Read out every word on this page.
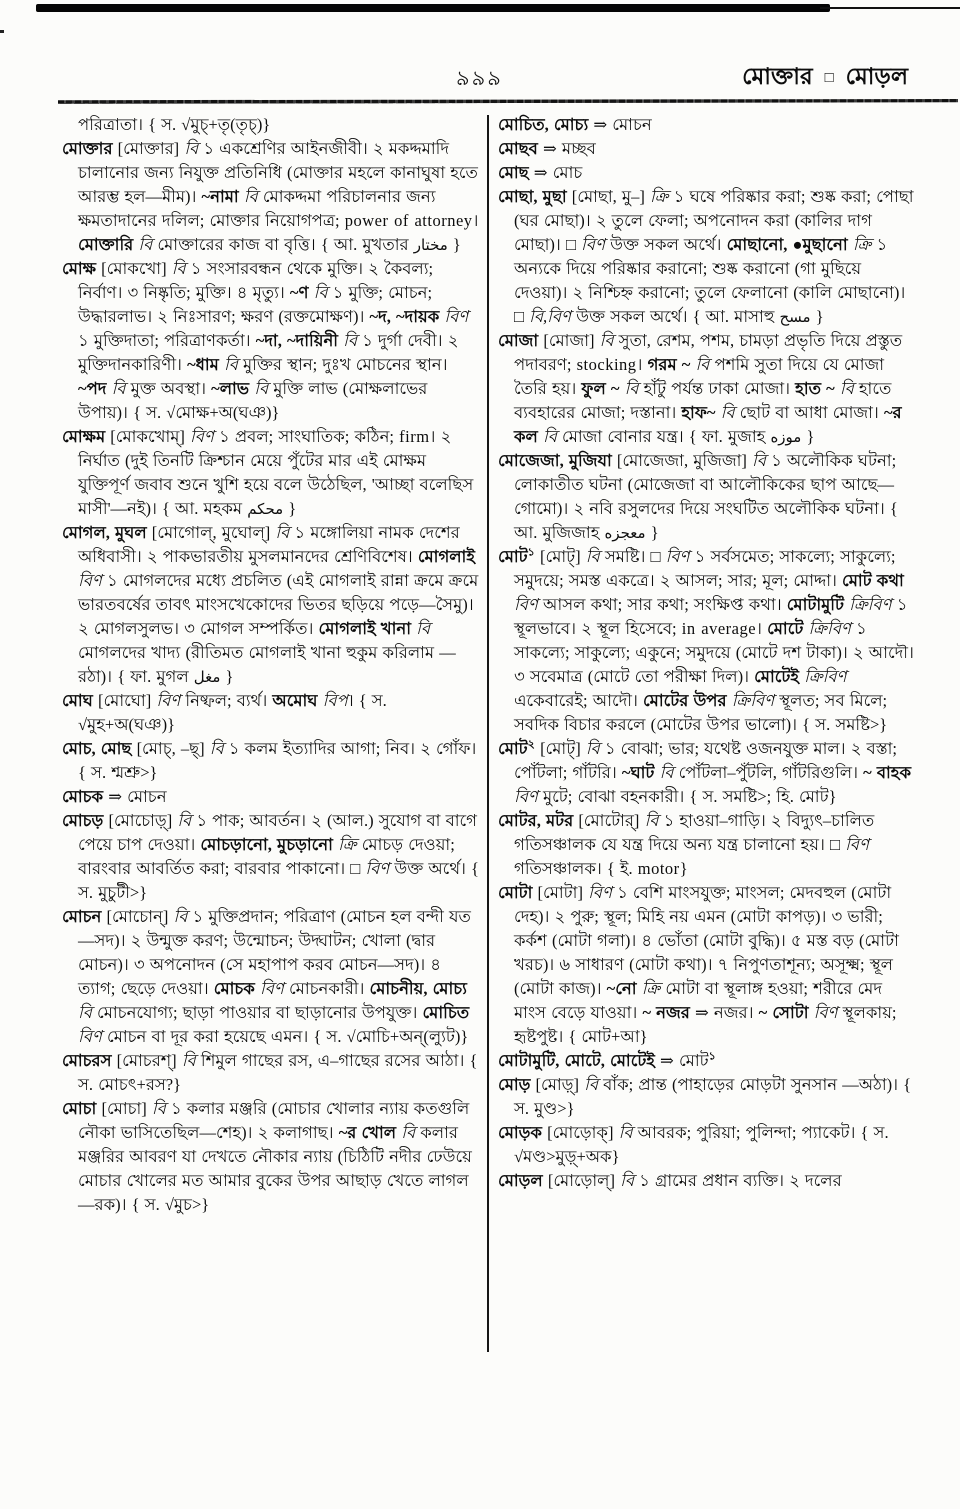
৯৯৯	মোক্তার □ মোড়ল

পরিত্রাতা। { স. √মুচ্+তৃ(তৃচ্)}

মোক্তার [মোক্তার] বি ১ একশ্রেণির আইনজীবী। ২ মকদ্দমাদি চালানোর জন্য নিযুক্ত প্রতিনিধি (মোক্তার মহলে কানাঘুষা হতে আরম্ভ হল—মীম)। ~নামা বি মোকদ্দমা পরিচালনার জন্য ক্ষমতাদানের দলিল; মোক্তার নিয়োগপত্র; power of attorney। মোক্তারি বি মোক্তারের কাজ বা বৃত্তি। { আ. মুখতার مختار }

মোক্ষ [মোকখো] বি ১ সংসারবন্ধন থেকে মুক্তি। ২ কৈবল্য; নির্বাণ। ৩ নিষ্কৃতি; মুক্তি। ৪ মৃত্যু। ~ণ বি ১ মুক্তি; মোচন; উদ্ধারলাভ। ২ নিঃসারণ; ক্ষরণ (রক্তমোক্ষণ)। ~দ, ~দায়ক বিণ ১ মুক্তিদাতা; পরিত্রাণকর্তা। ~দা, ~দায়িনী বি ১ দুর্গা দেবী। ২ মুক্তিদানকারিণী। ~ধাম বি মুক্তির স্থান; দুঃখ মোচনের স্থান। ~পদ বি মুক্ত অবস্থা। ~লাভ বি মুক্তি লাভ (মোক্ষলাভের উপায়)। { স. √মোক্ষ+অ(ঘঞ)}

মোক্ষম [মোকখোম্] বিণ ১ প্রবল; সাংঘাতিক; কঠিন; firm। ২ নির্ঘাত (দুই তিনটি ক্রিশ্চান মেয়ে পুঁটের মার এই মোক্ষম যুক্তিপূর্ণ জবাব শুনে খুশি হয়ে বলে উঠেছিল, 'আচ্ছা বলেছিস মাসী'—নই)। { আ. মহকম محكم }

মোগল, মুঘল [মোগোল্, মুঘোল্] বি ১ মঙ্গোলিয়া নামক দেশের অধিবাসী। ২ পাকভারতীয় মুসলমানদের শ্রেণিবিশেষ। মোগলাই বিণ ১ মোগলদের মধ্যে প্রচলিত (এই মোগলাই রান্না ক্রমে ক্রমে ভারতবর্ষের তাবৎ মাংসখেকোদের ভিতর ছড়িয়ে পড়ে—সৈমু)। ২ মোগলসুলভ। ৩ মোগল সম্পর্কিত। মোগলাই খানা বি মোগলদের খাদ্য (রীতিমত মোগলাই খানা হুকুম করিলাম —রঠা)। { ফা. মুগল مغل }

মোঘ [মোঘো] বিণ নিষ্ফল; ব্যর্থ। অমোঘ বিপ। { স. √মুহ+অ(ঘঞ)}

মোচ, মোছ [মোচ্, –ছ্] বি ১ কলম ইত্যাদির আগা; নিব। ২ গোঁফ। { স. শ্মশ্রু>}

মোচক ⇒ মোচন

মোচড় [মোচোড়্] বি ১ পাক; আবর্তন। ২ (আল.) সুযোগ বা বাগে পেয়ে চাপ দেওয়া। মোচড়ানো, মুচড়ানো ক্রি মোচড় দেওয়া; বারংবার আবর্তিত করা; বারবার পাকানো। □ বিণ উক্ত অর্থে। { স. মুচুটী>}

মোচন [মোচোন্] বি ১ মুক্তিপ্রদান; পরিত্রাণ (মোচন হল বন্দী যত—সদ)। ২ উন্মুক্ত করণ; উন্মোচন; উদ্ঘাটন; খোলা (দ্বার মোচন)। ৩ অপনোদন (সে মহাপাপ করব মোচন—সদ)। ৪ ত্যাগ; ছেড়ে দেওয়া। মোচক বিণ মোচনকারী। মোচনীয়, মোচ্য বি মোচনযোগ্য; ছাড়া পাওয়ার বা ছাড়ানোর উপযুক্ত। মোচিত বিণ মোচন বা দূর করা হয়েছে এমন। { স. √মোচি+অন্(ল্যুট)}

মোচরস [মোচরশ্] বি শিমুল গাছের রস, এ–গাছের রসের আঠা। { স. মোচৎ+রস?}

মোচা [মোচা] বি ১ কলার মঞ্জরি (মোচার খোলার ন্যায় কতগুলি নৌকা ভাসিতেছিল—শেহ)। ২ কলাগাছ। ~র খোল বি কলার মঞ্জরির আবরণ যা দেখতে নৌকার ন্যায় (চিঠিটি নদীর ঢেউয়ে মোচার খোলের মত আমার বুকের উপর আছাড় খেতে লাগল—রক)। { স. √মুচ>}

মোচিত, মোচ্য ⇒ মোচন

মোছব ⇒ মচ্ছব

মোছ ⇒ মোচ

মোছা, মুছা [মোছা, মু–] ক্রি ১ ঘষে পরিষ্কার করা; শুষ্ক করা; পোছা (ঘর মোছা)। ২ তুলে ফেলা; অপনোদন করা (কালির দাগ মোছা)। □ বিণ উক্ত সকল অর্থে। মোছানো, ●মুছানো ক্রি ১ অন্যকে দিয়ে পরিষ্কার করানো; শুষ্ক করানো (গা মুছিয়ে দেওয়া)। ২ নিশ্চিহ্ন করানো; তুলে ফেলানো (কালি মোছানো)। □ বি,বিণ উক্ত সকল অর্থে। { আ. মাসাহু مسح }

মোজা [মোজা] বি সুতা, রেশম, পশম, চামড়া প্রভৃতি দিয়ে প্রস্তুত পদাবরণ; stocking। গরম ~ বি পশমি সুতা দিয়ে যে মোজা তৈরি হয়। ফুল ~ বি হাঁটু পর্যন্ত ঢাকা মোজা। হাত ~ বি হাতে ব্যবহারের মোজা; দস্তানা। হাফ~ বি ছোট বা আধা মোজা। ~র কল বি মোজা বোনার যন্ত্র। { ফা. মুজাহ موزه }

মোজেজা, মুজিযা [মোজেজা, মুজিজা] বি ১ অলৌকিক ঘটনা; লোকাতীত ঘটনা (মোজেজা বা আলৌকিকের ছাপ আছে—গোমো)। ২ নবি রসুলদের দিয়ে সংঘটিত অলৌকিক ঘটনা। { আ. মুজিজাহ معجزه }

মোট$^১$ [মোট্] বি সমষ্টি। □ বিণ ১ সর্বসমেত; সাকল্যে; সাকুল্যে; সমুদয়ে; সমস্ত একত্রে। ২ আসল; সার; মূল; মোদ্দা। মোট কথা বিণ আসল কথা; সার কথা; সংক্ষিপ্ত কথা। মোটামুটি ক্রিবিণ ১ স্থূলভাবে। ২ স্থূল হিসেবে; in average। মোটে ক্রিবিণ ১ সাকল্যে; সাকুল্যে; একুনে; সমুদয়ে (মোটে দশ টাকা)। ২ আদৌ। ৩ সবেমাত্র (মোটে তো পরীক্ষা দিল)। মোটেই ক্রিবিণ একেবারেই; আদৌ। মোটের উপর ক্রিবিণ স্থূলত; সব মিলে; সবদিক বিচার করলে (মোটের উপর ভালো)। { স. সমষ্টি>}

মোট$^২$ [মোট্] বি ১ বোঝা; ভার; যথেষ্ট ওজনযুক্ত মাল। ২ বস্তা; পোঁটলা; গাঁটরি। ~ঘাট বি পোঁটলা–পুঁটলি, গাঁটরিগুলি। ~ বাহক বিণ মুটে; বোঝা বহনকারী। { স. সমষ্টি>; হি. মোট}

মোটর, মটর [মোটোর্] বি ১ হাওয়া–গাড়ি। ২ বিদ্যুৎ–চালিত গতিসঞ্চালক যে যন্ত্র দিয়ে অন্য যন্ত্র চালানো হয়। □ বিণ গতিসঞ্চালক। { ই. motor}

মোটা [মোটা] বিণ ১ বেশি মাংসযুক্ত; মাংসল; মেদবহুল (মোটা দেহ)। ২ পুরু; স্থূল; মিহি নয় এমন (মোটা কাপড়)। ৩ ভারী; কর্কশ (মোটা গলা)। ৪ ভোঁতা (মোটা বুদ্ধি)। ৫ মস্ত বড় (মোটা খরচ)। ৬ সাধারণ (মোটা কথা)। ৭ নিপুণতাশূন্য; অসূক্ষ্ম; স্থূল (মোটা কাজ)। ~নো ক্রি মোটা বা স্থূলাঙ্গ হওয়া; শরীরে মেদ মাংস বেড়ে যাওয়া। ~ নজর ⇒ নজর। ~ সোটা বিণ স্থূলকায়; হৃষ্টপুষ্ট। { মোট+আ}

মোটামুটি, মোটে, মোটেই ⇒ মোট$^১$

মোড় [মোড়্] বি বাঁক; প্রান্ত (পাহাড়ের মোড়টা সুনসান —অঠা)। { স. মুণ্ড>}

মোড়ক [মোড়োক্] বি আবরক; পুরিয়া; পুলিন্দা; প্যাকেট। { স. √মণ্ড>মুড়্+অক}

মোড়ল [মোড়োল্] বি ১ গ্রামের প্রধান ব্যক্তি। ২ দলের
